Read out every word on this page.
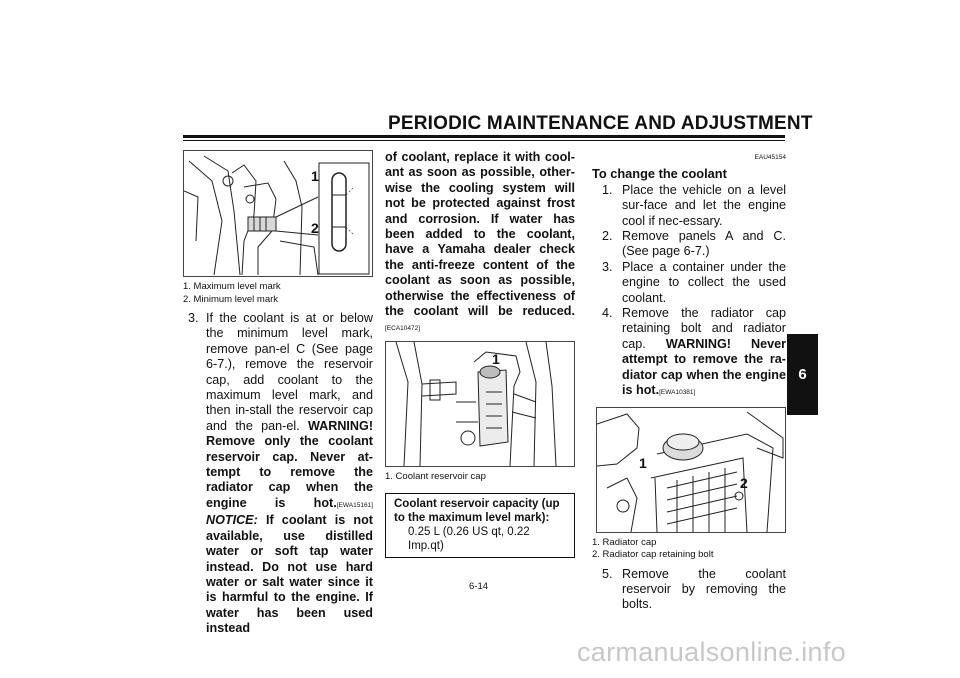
PERIODIC MAINTENANCE AND ADJUSTMENT
6
1
2
1. Maximum level mark
2. Minimum level mark
3. If the coolant is at or below the minimum level mark, remove pan-el C (See page 6-7.), remove the reservoir cap, add coolant to the maximum level mark, and then in-stall the reservoir cap and the pan-el. WARNING! Remove only the coolant reservoir cap. Never at-tempt to remove the radiator cap when the engine is hot.[EWA15161] NOTICE: If coolant is not available, use distilled water or soft tap water instead. Do not use hard water or salt water since it is harmful to the engine. If water has been used instead
of coolant, replace it with cool-ant as soon as possible, other-wise the cooling system will not be protected against frost and corrosion. If water has been added to the coolant, have a Yamaha dealer check the anti-freeze content of the coolant as soon as possible, otherwise the effectiveness of the coolant will be reduced.[ECA10472]
1
1. Coolant reservoir cap
Coolant reservoir capacity (up to the maximum level mark):
0.25 L (0.26 US qt, 0.22 Imp.qt)
EAU45154
To change the coolant
1. Place the vehicle on a level sur-face and let the engine cool if nec-essary.
2. Remove panels A and C. (See page 6-7.)
3. Place a container under the engine to collect the used coolant.
4. Remove the radiator cap retaining bolt and radiator cap. WARNING! Never attempt to remove the ra-diator cap when the engine is hot.[EWA10381]
1
2
1. Radiator cap
2. Radiator cap retaining bolt
5. Remove the coolant reservoir by removing the bolts.
6-14
carmanualsonline.info
